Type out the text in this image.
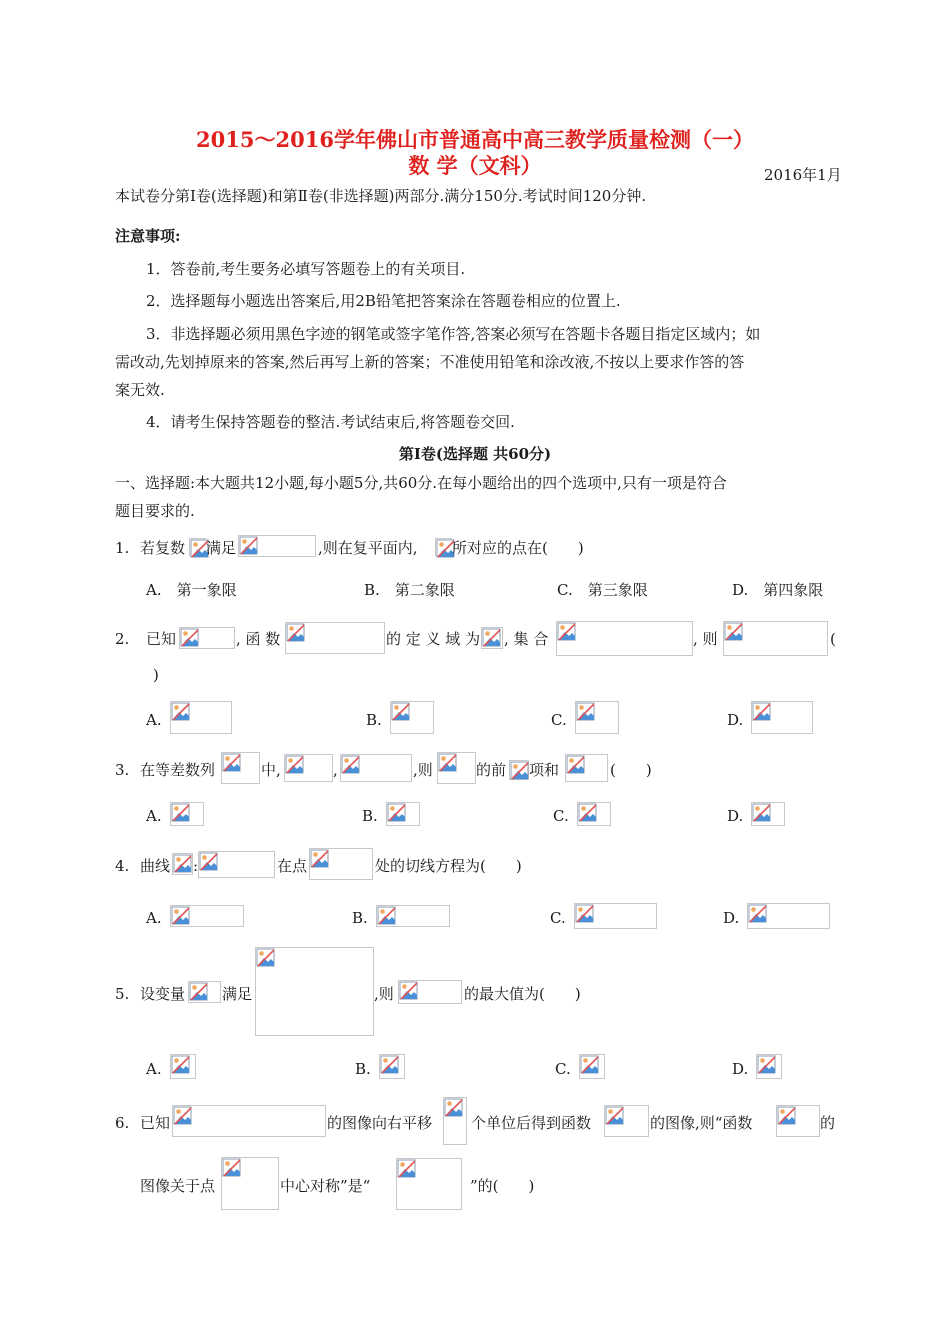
2015～2016学年佛山市普通高中高三教学质量检测（一）
数 学（文科）	2016年1月
本试卷分第Ⅰ卷(选择题)和第Ⅱ卷(非选择题)两部分.满分150分.考试时间120分钟.
注意事项:
1．答卷前,考生要务必填写答题卷上的有关项目.
2．选择题每小题选出答案后,用2B铅笔把答案涂在答题卷相应的位置上.
3．非选择题必须用黑色字迹的钢笔或签字笔作答,答案必须写在答题卡各题目指定区域内；如
需改动,先划掉原来的答案,然后再写上新的答案；不准使用铅笔和涂改液,不按以上要求作答的答
案无效.
4．请考生保持答题卷的整洁.考试结束后,将答题卷交回.
第Ⅰ卷(选择题 共60分)
一、选择题:本大题共12小题,每小题5分,共60分.在每小题给出的四个选项中,只有一项是符合
题目要求的.
1. 若复数 满足	,则在复平面内, 所对应的点在(　　)
A.　第一象限	B.　第二象限	C.　第三象限	D.　第四象限
2. 已知	, 函 数	的 定 义 域 为 , 集 合	, 则	(
)
A.	B.	C.	D.
3. 在等差数列	中,	,	,则	的前 项和	(　　)
A.	B.	C.	D.
4. 曲线 :	在点	处的切线方程为(　　)
A.	B.	C.	D.
5. 设变量 满足	,则	的最大值为(　　)
A.	B.	C.	D.
6. 已知	的图像向右平移	个单位后得到函数	的图像,则“函数	的
图像关于点	中心对称”是“	”的(　　)
